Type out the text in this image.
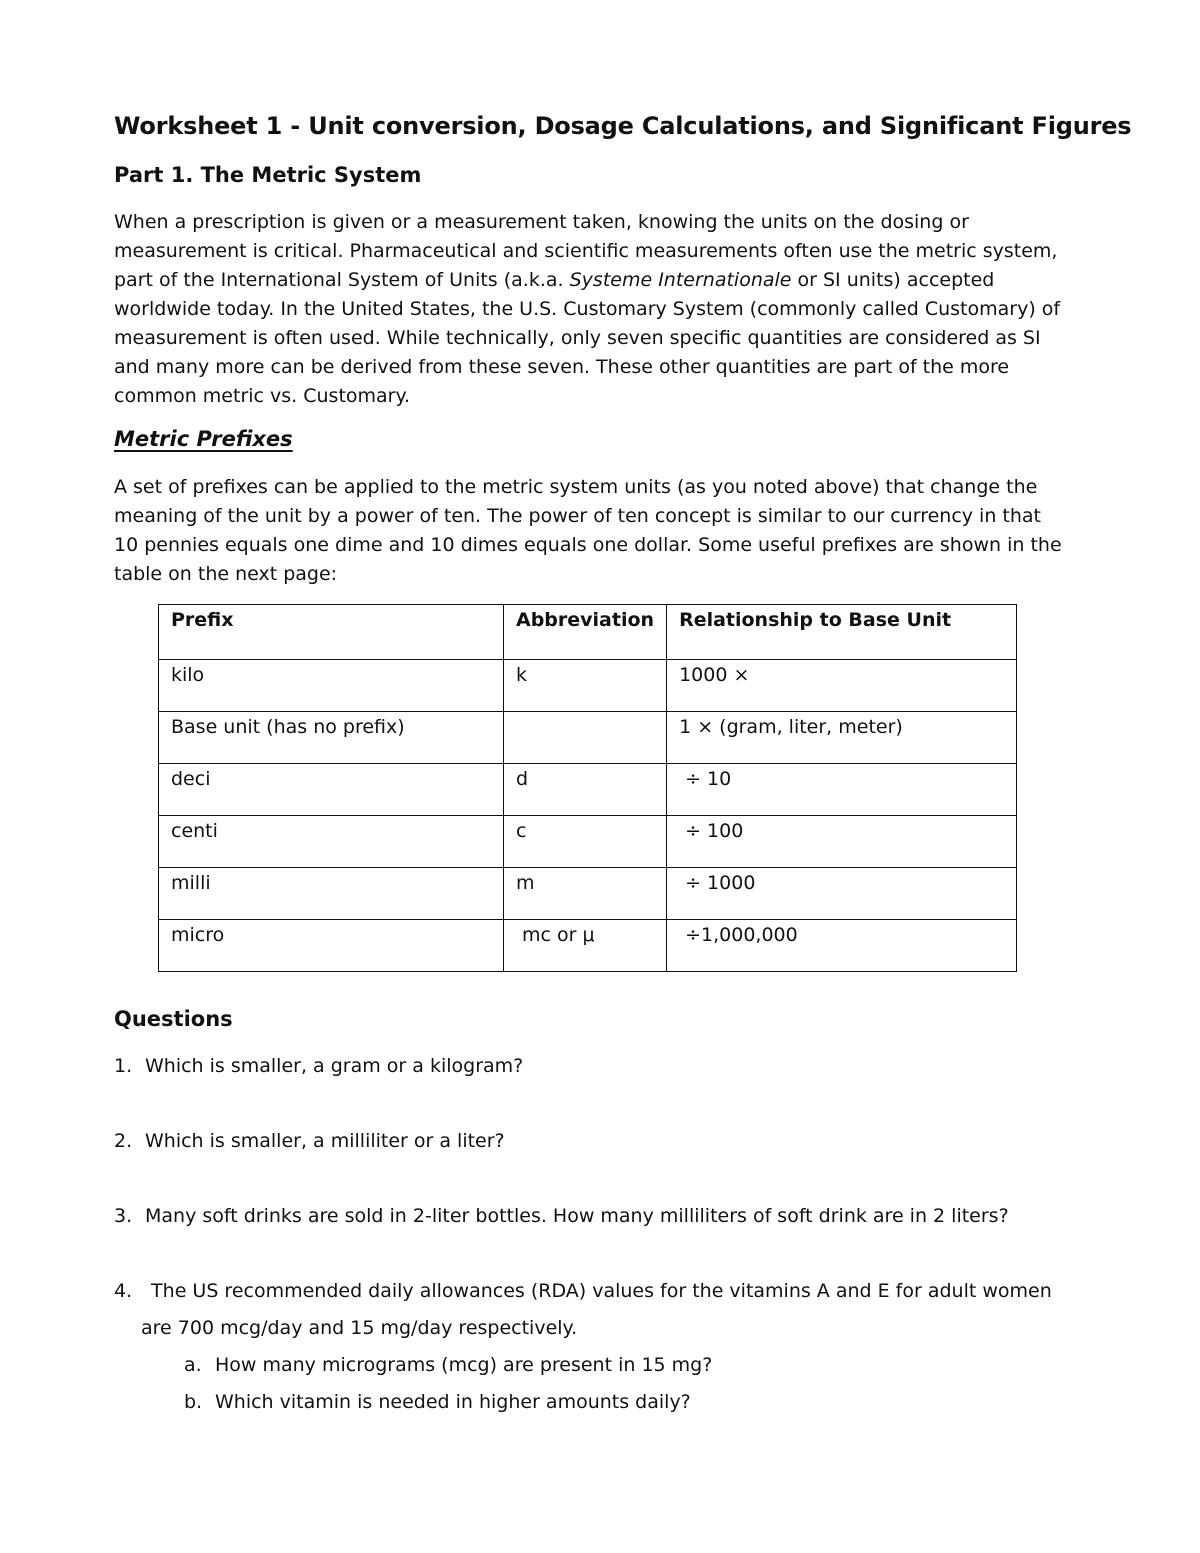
Worksheet 1 - Unit conversion, Dosage Calculations, and Significant Figures
Part 1. The Metric System
When a prescription is given or a measurement taken, knowing the units on the dosing or
measurement is critical. Pharmaceutical and scientific measurements often use the metric system,
part of the International System of Units (a.k.a. Systeme Internationale or SI units) accepted
worldwide today. In the United States, the U.S. Customary System (commonly called Customary) of
measurement is often used. While technically, only seven specific quantities are considered as SI
and many more can be derived from these seven. These other quantities are part of the more
common metric vs. Customary.
Metric Prefixes
A set of prefixes can be applied to the metric system units (as you noted above) that change the
meaning of the unit by a power of ten. The power of ten concept is similar to our currency in that
10 pennies equals one dime and 10 dimes equals one dollar. Some useful prefixes are shown in the
table on the next page:
Prefix	Abbreviation	Relationship to Base Unit
kilo	k	1000 ×
Base unit (has no prefix)		1 × (gram, liter, meter)
deci	d	÷ 10
centi	c	÷ 100
milli	m	÷ 1000
micro	mc or μ	÷1,000,000
Questions
1. Which is smaller, a gram or a kilogram?
2. Which is smaller, a milliliter or a liter?
3. Many soft drinks are sold in 2-liter bottles. How many milliliters of soft drink are in 2 liters?
4. The US recommended daily allowances (RDA) values for the vitamins A and E for adult women
are 700 mcg/day and 15 mg/day respectively.
a. How many micrograms (mcg) are present in 15 mg?
b. Which vitamin is needed in higher amounts daily?
